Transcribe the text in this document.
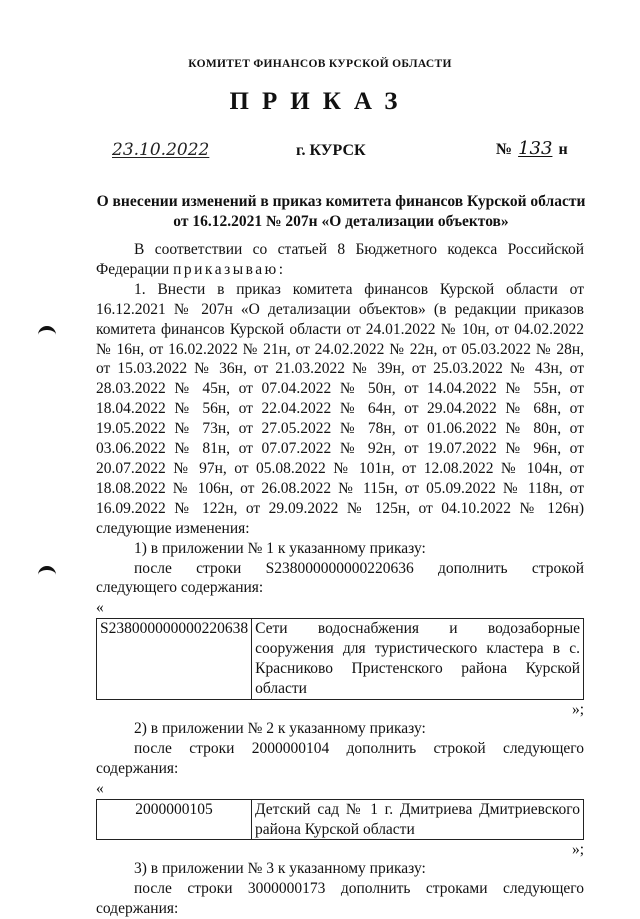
КОМИТЕТ ФИНАНСОВ КУРСКОЙ ОБЛАСТИ
ПРИКАЗ
23.10.2022	г. КУРСК	№ 133 н
О внесении изменений в приказ комитета финансов Курской области
от 16.12.2021 № 207н «О детализации объектов»

В соответствии со статьей 8 Бюджетного кодекса Российской

Федерации приказываю:

1. Внести в приказ комитета финансов Курской области от 16.12.2021 № 207н «О детализации объектов» (в редакции приказов комитета финансов Курской области от 24.01.2022 № 10н, от 04.02.2022 № 16н, от 16.02.2022 № 21н, от 24.02.2022 № 22н, от 05.03.2022 № 28н, от 15.03.2022 № 36н, от 21.03.2022 № 39н, от 25.03.2022 № 43н, от 28.03.2022 № 45н, от 07.04.2022 № 50н, от 14.04.2022 № 55н, от 18.04.2022 № 56н, от 22.04.2022 № 64н, от 29.04.2022 № 68н, от 19.05.2022 № 73н, от 27.05.2022 № 78н, от 01.06.2022 № 80н, от 03.06.2022 № 81н, от 07.07.2022 № 92н, от 19.07.2022 № 96н, от 20.07.2022 № 97н, от 05.08.2022 № 101н, от 12.08.2022 № 104н, от 18.08.2022 № 106н, от 26.08.2022 № 115н, от 05.09.2022 № 118н, от 16.09.2022 № 122н, от 29.09.2022 № 125н, от 04.10.2022 № 126н) следующие изменения:

1) в приложении № 1 к указанному приказу:

после строки S238000000000220636 дополнить строкой следующего содержания:

«
S238000000000220638	Сети водоснабжения и водозаборные сооружения для туристического кластера в с. Красниково Пристенского района Курской области
»;

2) в приложении № 2 к указанному приказу:

после строки 2000000104 дополнить строкой следующего

содержания:

«
2000000105	Детский сад № 1 г. Дмитриева Дмитриевского района Курской области
»;

3) в приложении № 3 к указанному приказу:

после строки 3000000173 дополнить строками следующего

содержания:
